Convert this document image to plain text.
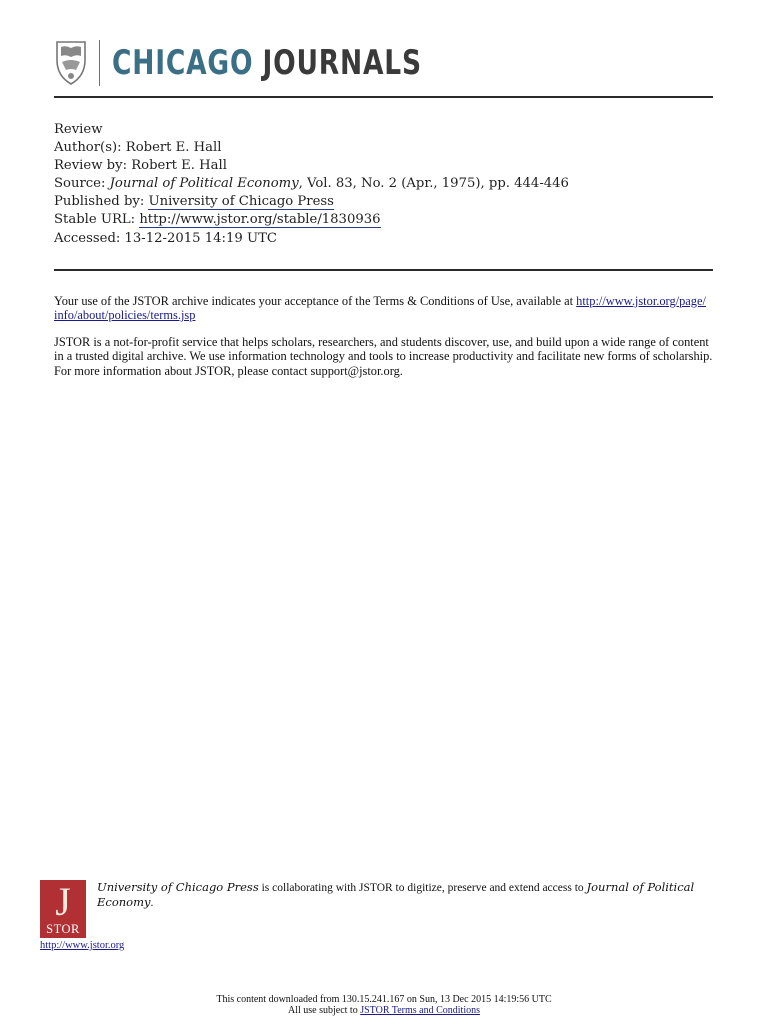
CHICAGO JOURNALS
Review
Author(s): Robert E. Hall
Review by: Robert E. Hall
Source: Journal of Political Economy, Vol. 83, No. 2 (Apr., 1975), pp. 444-446
Published by: University of Chicago Press
Stable URL: http://www.jstor.org/stable/1830936
Accessed: 13-12-2015 14:19 UTC
Your use of the JSTOR archive indicates your acceptance of the Terms & Conditions of Use, available at http://www.jstor.org/page/
info/about/policies/terms.jsp
JSTOR is a not-for-profit service that helps scholars, researchers, and students discover, use, and build upon a wide range of content in a trusted digital archive. We use information technology and tools to increase productivity and facilitate new forms of scholarship. For more information about JSTOR, please contact support@jstor.org.
J
STOR
http://www.jstor.org
University of Chicago Press is collaborating with JSTOR to digitize, preserve and extend access to Journal of Political
Economy.
This content downloaded from 130.15.241.167 on Sun, 13 Dec 2015 14:19:56 UTC
All use subject to JSTOR Terms and Conditions
